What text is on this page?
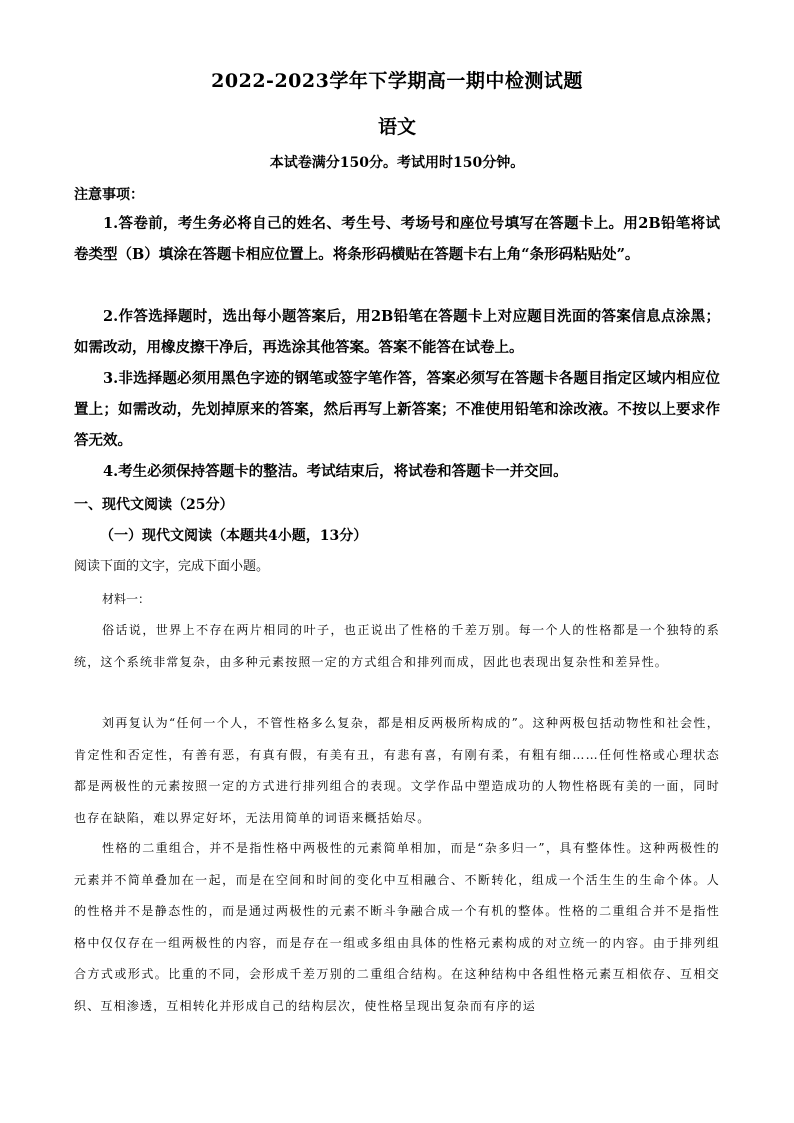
2022-2023学年下学期高一期中检测试题
语文
本试卷满分150分。考试用时150分钟。
注意事项：

1.答卷前，考生务必将自己的姓名、考生号、考场号和座位号填写在答题卡上。用2B铅笔将试卷类型（B）填涂在答题卡相应位置上。将条形码横贴在答题卡右上角“条形码粘贴处”。

2.作答选择题时，选出每小题答案后，用2B铅笔在答题卡上对应题目洗面的答案信息点涂黑；如需改动，用橡皮擦干净后，再选涂其他答案。答案不能答在试卷上。

3.非选择题必须用黑色字迹的钢笔或签字笔作答，答案必须写在答题卡各题目指定区域内相应位置上；如需改动，先划掉原来的答案，然后再写上新答案；不准使用铅笔和涂改液。不按以上要求作答无效。

4.考生必须保持答题卡的整洁。考试结束后，将试卷和答题卡一并交回。

一、现代文阅读（25分）
（一）现代文阅读（本题共4小题，13分）
阅读下面的文字，完成下面小题。
材料一：

俗话说，世界上不存在两片相同的叶子，也正说出了性格的千差万别。每一个人的性格都是一个独特的系统，这个系统非常复杂，由多种元素按照一定的方式组合和排列而成，因此也表现出复杂性和差异性。

刘再复认为“任何一个人，不管性格多么复杂，都是相反两极所构成的”。这种两极包括动物性和社会性，肯定性和否定性，有善有恶，有真有假，有美有丑，有悲有喜，有刚有柔，有粗有细……任何性格或心理状态都是两极性的元素按照一定的方式进行排列组合的表现。文学作品中塑造成功的人物性格既有美的一面，同时也存在缺陷，难以界定好坏，无法用简单的词语来概括始尽。

性格的二重组合，并不是指性格中两极性的元素简单相加，而是“杂多归一”，具有整体性。这种两极性的元素并不简单叠加在一起，而是在空间和时间的变化中互相融合、不断转化，组成一个活生生的生命个体。人的性格并不是静态性的，而是通过两极性的元素不断斗争融合成一个有机的整体。性格的二重组合并不是指性格中仅仅存在一组两极性的内容，而是存在一组或多组由具体的性格元素构成的对立统一的内容。由于排列组合方式或形式。比重的不同，会形成千差万别的二重组合结构。在这种结构中各组性格元素互相依存、互相交织、互相渗透，互相转化并形成自己的结构层次，使性格呈现出复杂而有序的运
